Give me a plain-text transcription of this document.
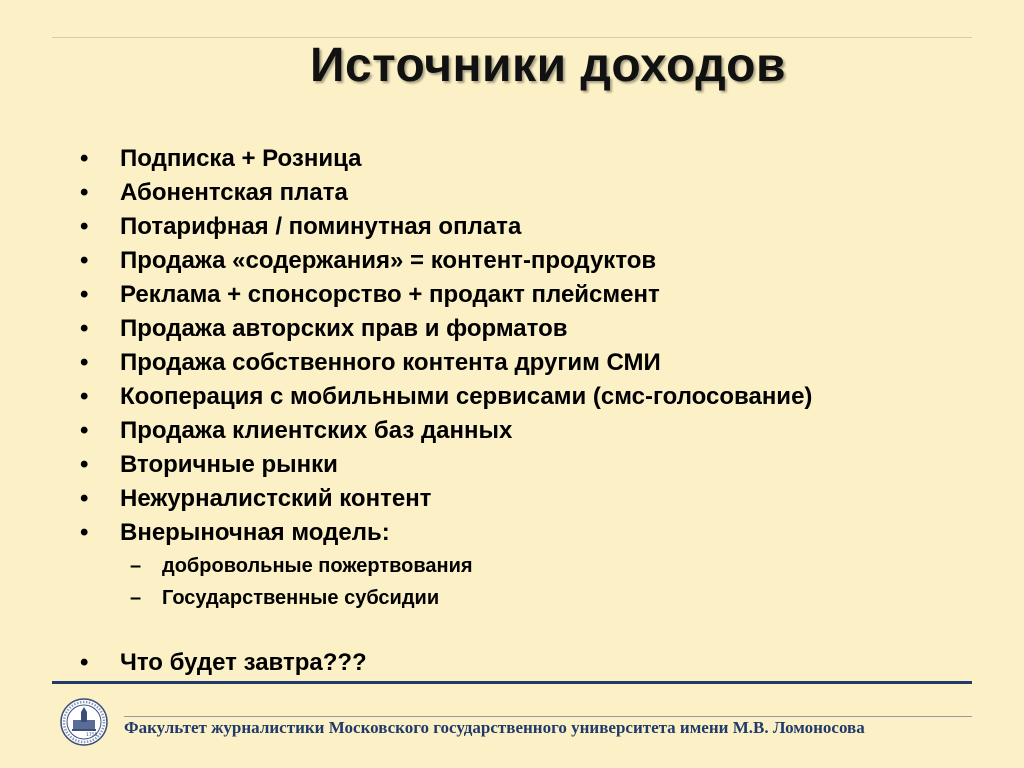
Источники доходов
• Подписка + Розница
• Абонентская плата
• Потарифная / поминутная оплата
• Продажа «содержания» = контент-продуктов
• Реклама + спонсорство + продакт плейсмент
• Продажа авторских прав и форматов
• Продажа собственного контента другим СМИ
• Кооперация с мобильными сервисами (смс-голосование)
• Продажа клиентских баз данных
• Вторичные рынки
• Нежурналистский контент
• Внерыночная модель:
– добровольные пожертвования
– Государственные субсидии
• Что будет завтра???
1755 Факультет журналистики Московского государственного университета имени М.В. Ломоносова
